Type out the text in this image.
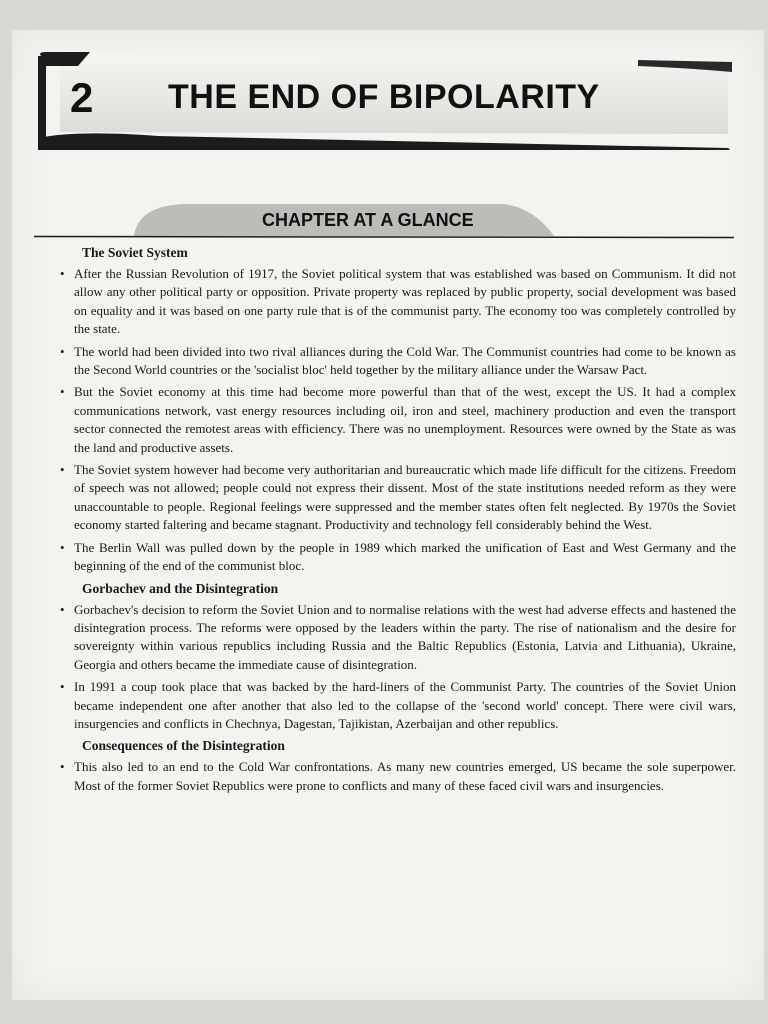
2 THE END OF BIPOLARITY
CHAPTER AT A GLANCE
The Soviet System
• After the Russian Revolution of 1917, the Soviet political system that was established was based on Communism. It did not allow any other political party or opposition. Private property was replaced by public property, social development was based on equality and it was based on one party rule that is of the communist party. The economy too was completely controlled by the state.
• The world had been divided into two rival alliances during the Cold War. The Communist countries had come to be known as the Second World countries or the 'socialist bloc' held together by the military alliance under the Warsaw Pact.
• But the Soviet economy at this time had become more powerful than that of the west, except the US. It had a complex communications network, vast energy resources including oil, iron and steel, machinery production and even the transport sector connected the remotest areas with efficiency. There was no unemployment. Resources were owned by the State as was the land and productive assets.
• The Soviet system however had become very authoritarian and bureaucratic which made life difficult for the citizens. Freedom of speech was not allowed; people could not express their dissent. Most of the state institutions needed reform as they were unaccountable to people. Regional feelings were suppressed and the member states often felt neglected. By 1970s the Soviet economy started faltering and became stagnant. Productivity and technology fell considerably behind the West.
• The Berlin Wall was pulled down by the people in 1989 which marked the unification of East and West Germany and the beginning of the end of the communist bloc.
Gorbachev and the Disintegration
• Gorbachev's decision to reform the Soviet Union and to normalise relations with the west had adverse effects and hastened the disintegration process. The reforms were opposed by the leaders within the party. The rise of nationalism and the desire for sovereignty within various republics including Russia and the Baltic Republics (Estonia, Latvia and Lithuania), Ukraine, Georgia and others became the immediate cause of disintegration.
• In 1991 a coup took place that was backed by the hard-liners of the Communist Party. The countries of the Soviet Union became independent one after another that also led to the collapse of the 'second world' concept. There were civil wars, insurgencies and conflicts in Chechnya, Dagestan, Tajikistan, Azerbaijan and other republics.
Consequences of the Disintegration
• This also led to an end to the Cold War confrontations. As many new countries emerged, US became the sole superpower. Most of the former Soviet Republics were prone to conflicts and many of these faced civil wars and insurgencies.
